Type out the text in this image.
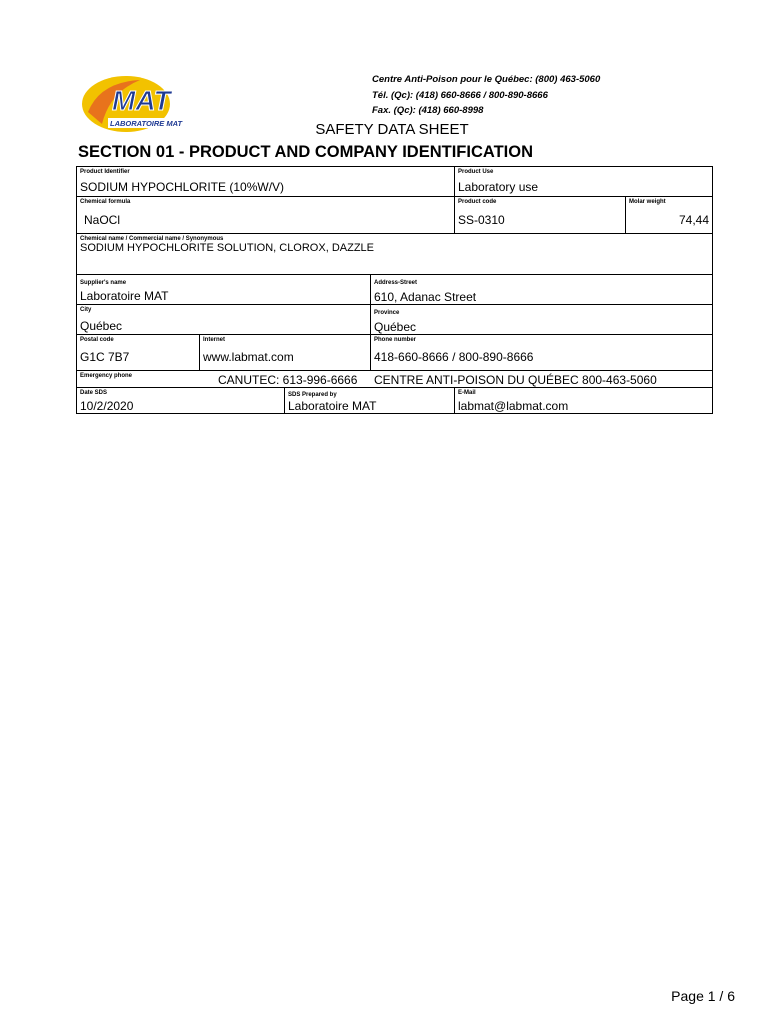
MAT
LABORATOIRE MAT
Centre Anti-Poison pour le Québec: (800) 463-5060
Tél. (Qc): (418) 660-8666 / 800-890-8666
Fax. (Qc): (418) 660-8998
SAFETY DATA SHEET
SECTION 01 - PRODUCT AND COMPANY IDENTIFICATION
Product Identifier
SODIUM HYPOCHLORITE (10%W/V)
Product Use
Laboratory use
Chemical formula
NaOCl
Product code
SS-0310
Molar weight
74,44
Chemical name / Commercial name / Synonymous
SODIUM HYPOCHLORITE SOLUTION, CLOROX, DAZZLE
Supplier's name
Laboratoire MAT
Address-Street
610, Adanac Street
City
Québec
Province
Québec
Postal code
G1C 7B7
Internet
www.labmat.com
Phone number
418-660-8666 / 800-890-8666
Emergency phone	CANUTEC: 613-996-6666 CENTRE ANTI-POISON DU QUÉBEC 800-463-5060
Date SDS
10/2/2020
SDS Prepared by
Laboratoire MAT
E-Mail
labmat@labmat.com
Page 1 / 6
